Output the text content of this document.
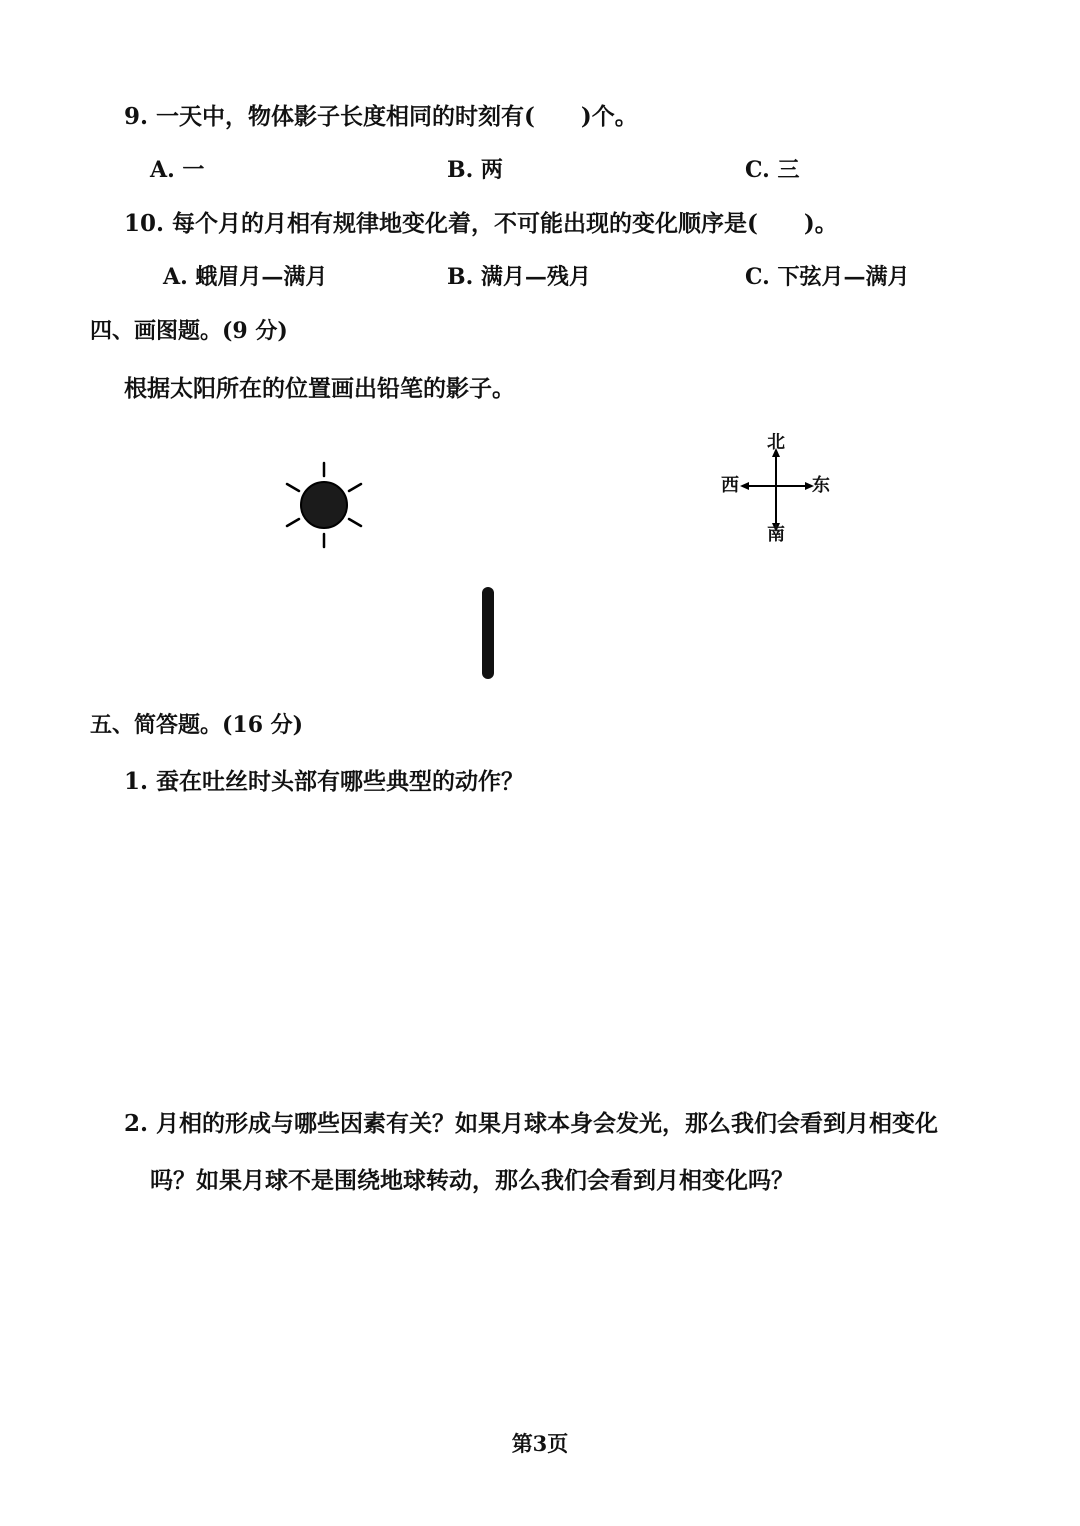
9. 一天中，物体影子长度相同的时刻有(　　)个。
A. 一	B. 两	C. 三
10. 每个月的月相有规律地变化着，不可能出现的变化顺序是(　　)。
A. 蛾眉月—满月	B. 满月—残月	C. 下弦月—满月
四、画图题。(9 分)
根据太阳所在的位置画出铅笔的影子。
北
南
西	东
五、简答题。(16 分)
1. 蚕在吐丝时头部有哪些典型的动作？
2. 月相的形成与哪些因素有关？如果月球本身会发光，那么我们会看到月相变化
吗？如果月球不是围绕地球转动，那么我们会看到月相变化吗？
第3页
